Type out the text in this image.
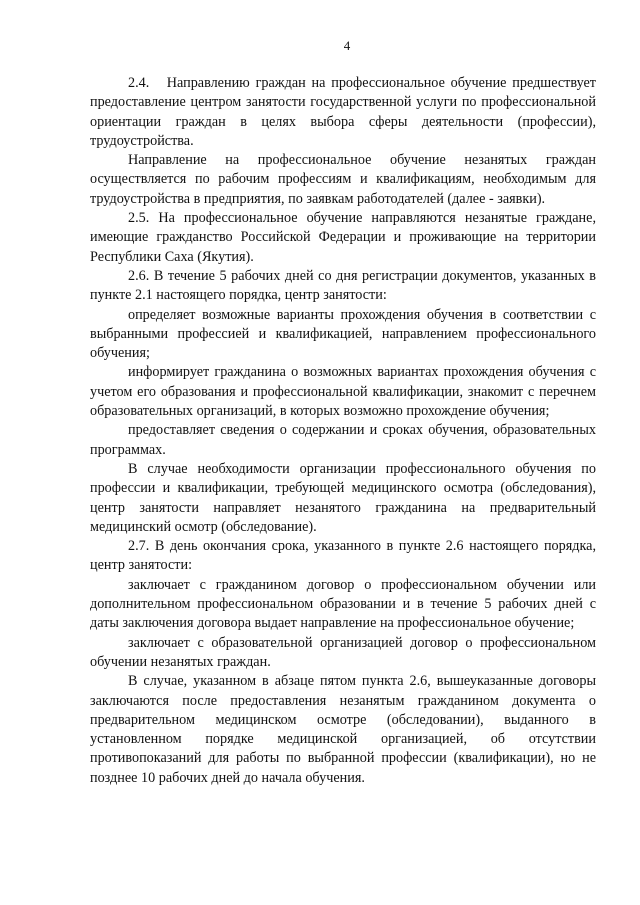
4

2.4.   Направлению граждан на профессиональное обучение предшествует предоставление центром занятости государственной услуги по профессиональной ориентации граждан в целях выбора сферы деятельности (профессии), трудоустройства.

Направление на профессиональное обучение незанятых граждан осуществляется по рабочим профессиям и квалификациям, необходимым для трудоустройства в предприятия, по заявкам работодателей (далее - заявки).

2.5. На профессиональное обучение направляются незанятые граждане, имеющие гражданство Российской Федерации и проживающие на территории Республики Саха (Якутия).

2.6. В течение 5 рабочих дней со дня регистрации документов, указанных в пункте 2.1 настоящего порядка, центр занятости:

определяет возможные варианты прохождения обучения в соответствии с выбранными профессией и квалификацией, направлением профессионального обучения;

информирует гражданина о возможных вариантах прохождения обучения с учетом его образования и профессиональной квалификации, знакомит с перечнем образовательных организаций, в которых возможно прохождение обучения;

предоставляет сведения о содержании и сроках обучения, образовательных программах.

В случае необходимости организации профессионального обучения по профессии и квалификации, требующей медицинского осмотра (обследования), центр занятости направляет незанятого гражданина на предварительный медицинский осмотр (обследование).

2.7. В день окончания срока, указанного в пункте 2.6 настоящего порядка, центр занятости:

заключает с гражданином договор о профессиональном обучении или дополнительном профессиональном образовании и в течение 5 рабочих дней с даты заключения договора выдает направление на профессиональное обучение;

заключает с образовательной организацией договор о профессиональном обучении незанятых граждан.

В случае, указанном в абзаце пятом пункта 2.6, вышеуказанные договоры заключаются после предоставления незанятым гражданином документа о предварительном медицинском осмотре (обследовании), выданного в установленном порядке медицинской организацией, об отсутствии противопоказаний для работы по выбранной профессии (квалификации), но не позднее 10 рабочих дней до начала обучения.
